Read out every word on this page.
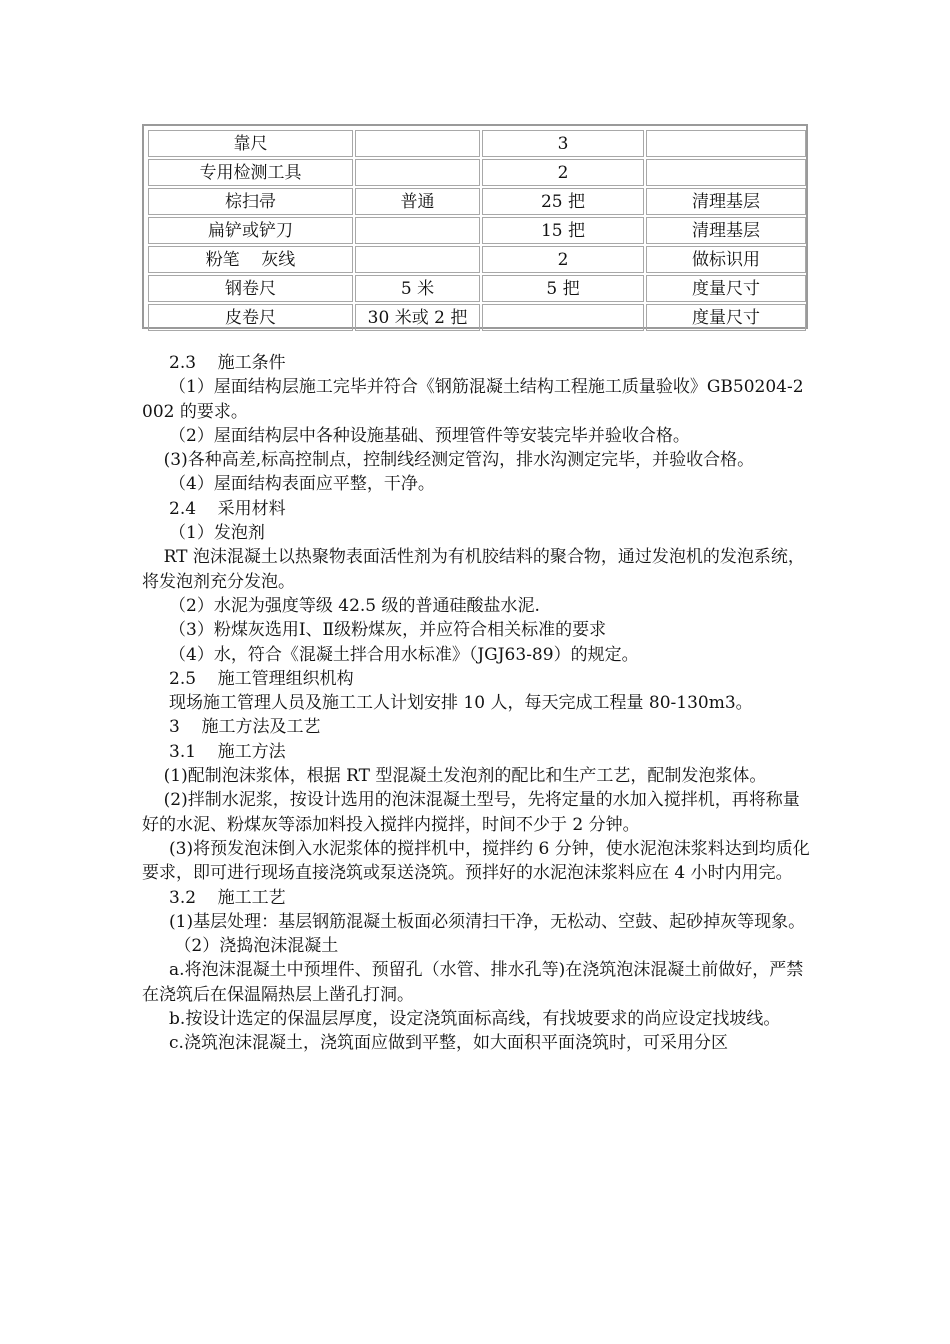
靠尺		3	
专用检测工具		2	
棕扫帚	普通	25 把	清理基层
扁铲或铲刀		15 把	清理基层
粉笔    灰线		2	做标识用
钢卷尺	5 米	5 把	度量尺寸
皮卷尺	30 米或 2 把		度量尺寸

2.3    施工条件

（1）屋面结构层施工完毕并符合《钢筋混凝土结构工程施工质量验收》GB50204-2002 的要求。

（2）屋面结构层中各种设施基础、预埋管件等安装完毕并验收合格。

(3)各种高差,标高控制点，控制线经测定管沟，排水沟测定完毕，并验收合格。

（4）屋面结构表面应平整，干净。

2.4    采用材料

（1）发泡剂

RT 泡沫混凝土以热聚物表面活性剂为有机胶结料的聚合物，通过发泡机的发泡系统，将发泡剂充分发泡。

（2）水泥为强度等级 42.5 级的普通硅酸盐水泥.

（3）粉煤灰选用Ⅰ、Ⅱ级粉煤灰，并应符合相关标准的要求

（4）水，符合《混凝土拌合用水标准》（JGJ63-89）的规定。

2.5    施工管理组织机构

现场施工管理人员及施工工人计划安排 10 人，每天完成工程量 80-130m3。

3    施工方法及工艺

3.1    施工方法

(1)配制泡沫浆体，根据 RT 型混凝土发泡剂的配比和生产工艺，配制发泡浆体。

(2)拌制水泥浆，按设计选用的泡沫混凝土型号，先将定量的水加入搅拌机，再将称量好的水泥、粉煤灰等添加料投入搅拌内搅拌，时间不少于 2 分钟。

(3)将预发泡沫倒入水泥浆体的搅拌机中，搅拌约 6 分钟，使水泥泡沫浆料达到均质化要求，即可进行现场直接浇筑或泵送浇筑。预拌好的水泥泡沫浆料应在 4 小时内用完。

3.2    施工工艺

(1)基层处理：基层钢筋混凝土板面必须清扫干净，无松动、空鼓、起砂掉灰等现象。

（2）浇捣泡沫混凝土

a.将泡沫混凝土中预埋件、预留孔（水管、排水孔等)在浇筑泡沫混凝土前做好，严禁在浇筑后在保温隔热层上凿孔打洞。

b.按设计选定的保温层厚度，设定浇筑面标高线，有找坡要求的尚应设定找坡线。

c.浇筑泡沫混凝土，浇筑面应做到平整，如大面积平面浇筑时，可采用分区
